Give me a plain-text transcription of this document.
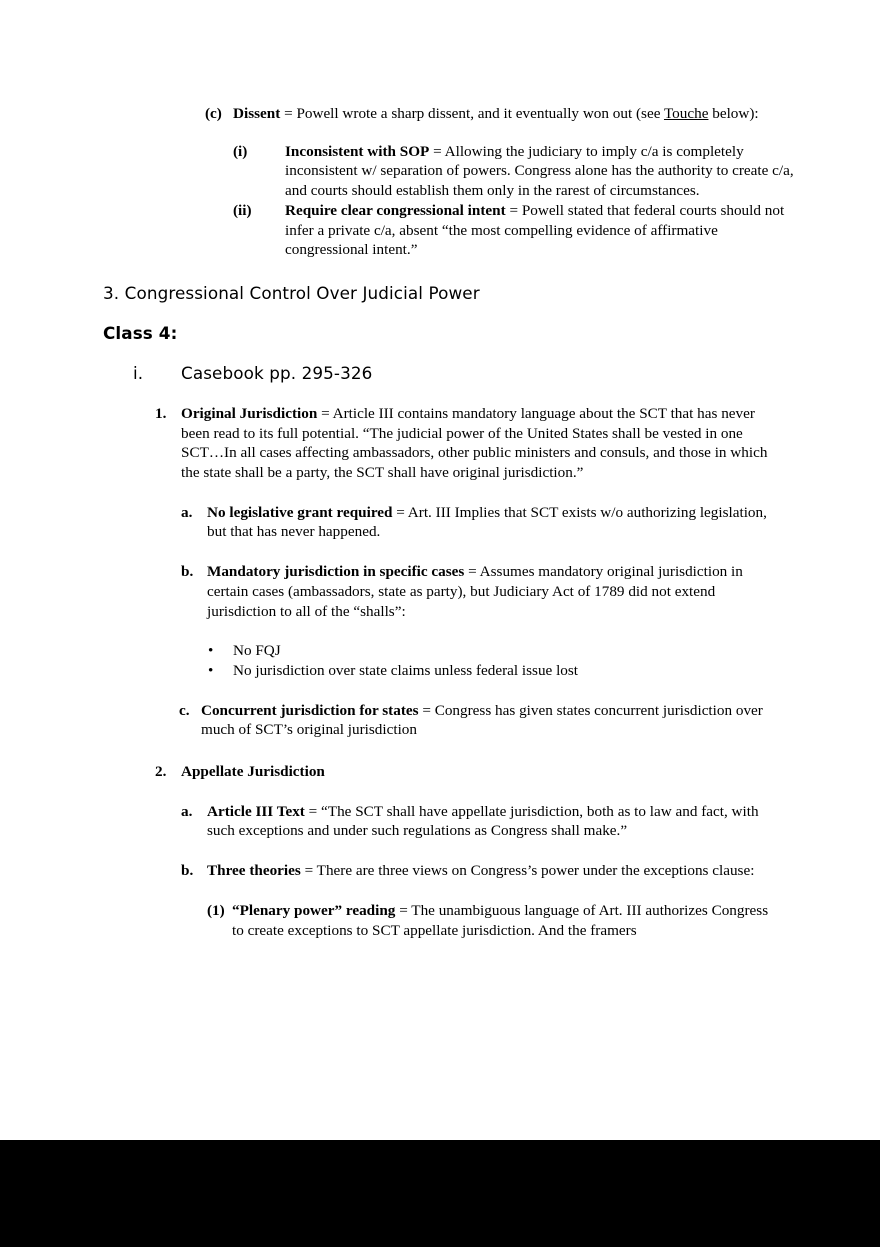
(c) Dissent = Powell wrote a sharp dissent, and it eventually won out (see Touche below):
(i)	Inconsistent with SOP = Allowing the judiciary to imply c/a is completely inconsistent w/ separation of powers. Congress alone has the authority to create c/a, and courts should establish them only in the rarest of circumstances.
(ii)	Require clear congressional intent = Powell stated that federal courts should not infer a private c/a, absent “the most compelling evidence of affirmative congressional intent.”
3. Congressional Control Over Judicial Power
Class 4:
i.	Casebook pp. 295-326
1. Original Jurisdiction = Article III contains mandatory language about the SCT that has never been read to its full potential. “The judicial power of the United States shall be vested in one SCT…In all cases affecting ambassadors, other public ministers and consuls, and those in which the state shall be a party, the SCT shall have original jurisdiction.”
a. No legislative grant required = Art. III Implies that SCT exists w/o authorizing legislation, but that has never happened.
b. Mandatory jurisdiction in specific cases = Assumes mandatory original jurisdiction in certain cases (ambassadors, state as party), but Judiciary Act of 1789 did not extend jurisdiction to all of the “shalls”:
•	No FQJ
•	No jurisdiction over state claims unless federal issue lost
c. Concurrent jurisdiction for states = Congress has given states concurrent jurisdiction over much of SCT’s original jurisdiction
2. Appellate Jurisdiction
a. Article III Text = “The SCT shall have appellate jurisdiction, both as to law and fact, with such exceptions and under such regulations as Congress shall make.”
b. Three theories = There are three views on Congress’s power under the exceptions clause:
(1) “Plenary power” reading = The unambiguous language of Art. III authorizes Congress to create exceptions to SCT appellate jurisdiction. And the framers
